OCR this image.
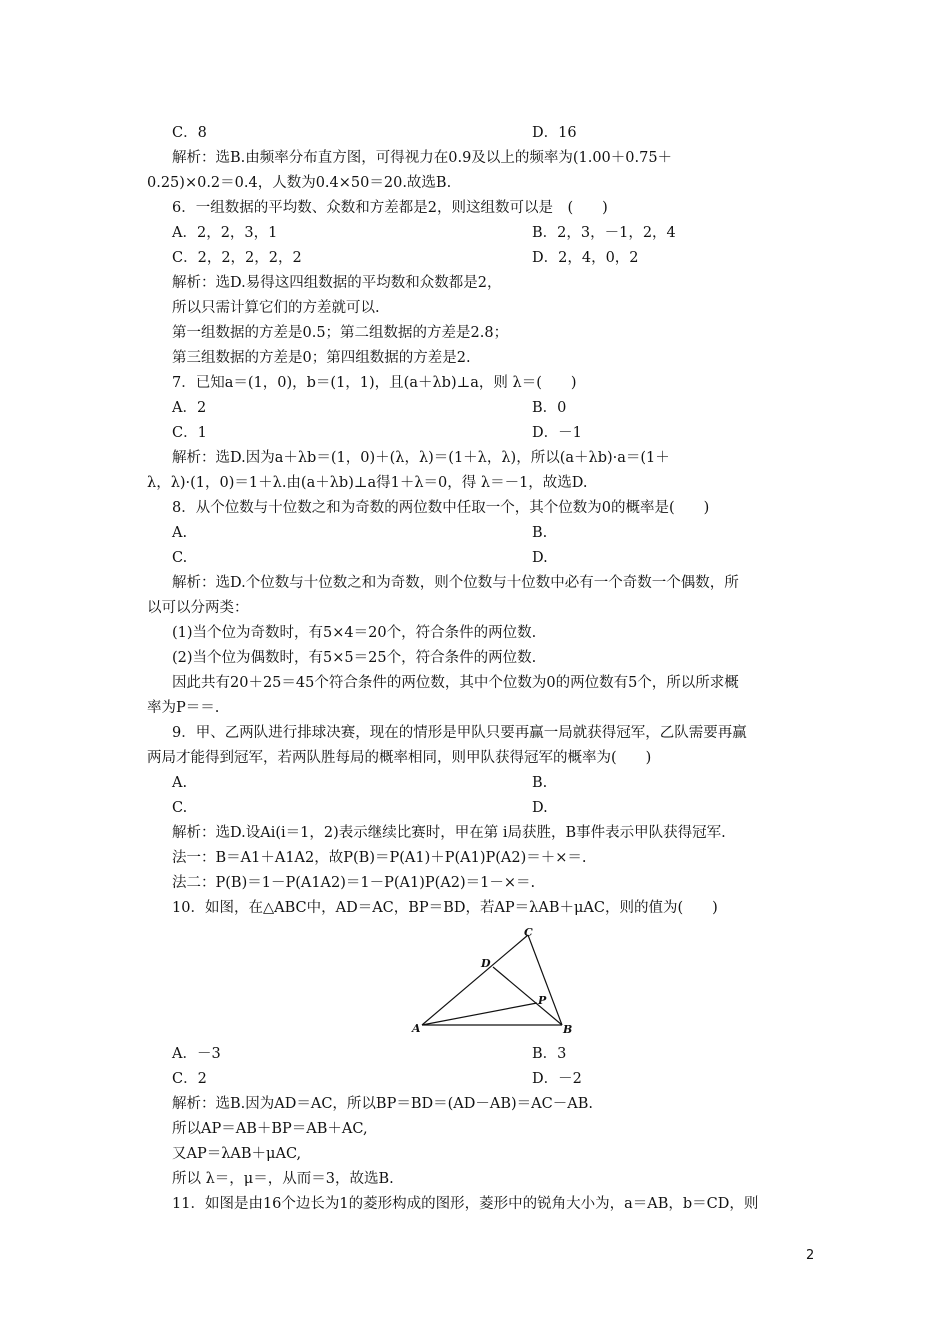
C．8	D．16
解析：选B.由频率分布直方图，可得视力在0.9及以上的频率为(1.00＋0.75＋
0.25)×0.2＝0.4，人数为0.4×50＝20.故选B.
6．一组数据的平均数、众数和方差都是2，则这组数可以是　(　　)
A．2，2，3，1	B．2，3，－1，2，4
C．2，2，2，2，2	D．2，4，0，2
解析：选D.易得这四组数据的平均数和众数都是2，
所以只需计算它们的方差就可以.
第一组数据的方差是0.5；第二组数据的方差是2.8；
第三组数据的方差是0；第四组数据的方差是2.
7．已知a＝(1，0)，b＝(1，1)，且(a＋λb)⊥a，则 λ＝(　　)
A．2	B．0
C．1	D．－1
解析：选D.因为a＋λb＝(1，0)＋(λ，λ)＝(1＋λ，λ)，所以(a＋λb)·a＝(1＋
λ，λ)·(1，0)＝1＋λ.由(a＋λb)⊥a得1＋λ＝0，得 λ＝－1，故选D.
8．从个位数与十位数之和为奇数的两位数中任取一个，其个位数为0的概率是(　　)
A.	B.
C.	D.
解析：选D.个位数与十位数之和为奇数，则个位数与十位数中必有一个奇数一个偶数，所
以可以分两类：
(1)当个位为奇数时，有5×4＝20个，符合条件的两位数.
(2)当个位为偶数时，有5×5＝25个，符合条件的两位数.
因此共有20＋25＝45个符合条件的两位数，其中个位数为0的两位数有5个，所以所求概
率为P＝＝.
9．甲、乙两队进行排球决赛，现在的情形是甲队只要再赢一局就获得冠军，乙队需要再赢
两局才能得到冠军，若两队胜每局的概率相同，则甲队获得冠军的概率为(　　)
A.	B.
C.	D.
解析：选D.设Ai(i＝1，2)表示继续比赛时，甲在第 i局获胜，B事件表示甲队获得冠军.
法一：B＝A1＋A1A2，故P(B)＝P(A1)＋P(A1)P(A2)＝＋×＝.
法二：P(B)＝1－P(A1A2)＝1－P(A1)P(A2)＝1－×＝.
10．如图，在△ABC中，AD＝AC，BP＝BD，若AP＝λAB＋μAC，则的值为(　　)
A	B
C
D
P
A．－3	B．3
C．2	D．－2
解析：选B.因为AD＝AC，所以BP＝BD＝(AD－AB)＝AC－AB.
所以AP＝AB＋BP＝AB＋AC,
又AP＝λAB＋μAC,
所以 λ＝，μ＝，从而＝3，故选B.
11．如图是由16个边长为1的菱形构成的图形，菱形中的锐角大小为，a＝AB，b＝CD，则
2
